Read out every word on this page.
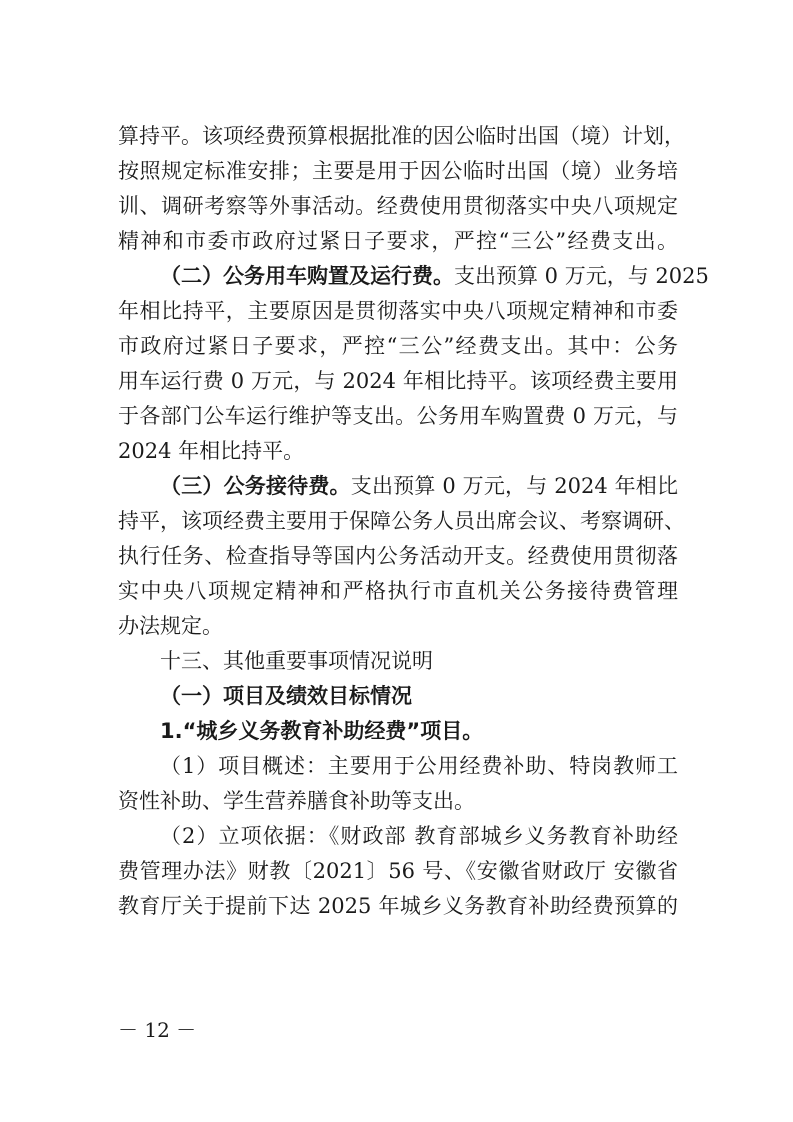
算持平。该项经费预算根据批准的因公临时出国（境）计划，
按照规定标准安排；主要是用于因公临时出国（境）业务培
训、调研考察等外事活动。经费使用贯彻落实中央八项规定
精神和市委市政府过紧日子要求，严控“三公”经费支出。
（二）公务用车购置及运行费。支出预算 0 万元，与 2025
年相比持平，主要原因是贯彻落实中央八项规定精神和市委
市政府过紧日子要求，严控“三公”经费支出。其中：公务
用车运行费 0 万元，与 2024 年相比持平。该项经费主要用
于各部门公车运行维护等支出。公务用车购置费 0 万元，与
2024 年相比持平。
（三）公务接待费。支出预算 0 万元，与 2024 年相比
持平，该项经费主要用于保障公务人员出席会议、考察调研、
执行任务、检查指导等国内公务活动开支。经费使用贯彻落
实中央八项规定精神和严格执行市直机关公务接待费管理
办法规定。
十三、其他重要事项情况说明
（一）项目及绩效目标情况
1.“城乡义务教育补助经费”项目。
（1）项目概述：主要用于公用经费补助、特岗教师工
资性补助、学生营养膳食补助等支出。
（2）立项依据：《财政部 教育部城乡义务教育补助经
费管理办法》财教〔2021〕56 号、《安徽省财政厅 安徽省
教育厅关于提前下达 2025 年城乡义务教育补助经费预算的
－ 12 －
